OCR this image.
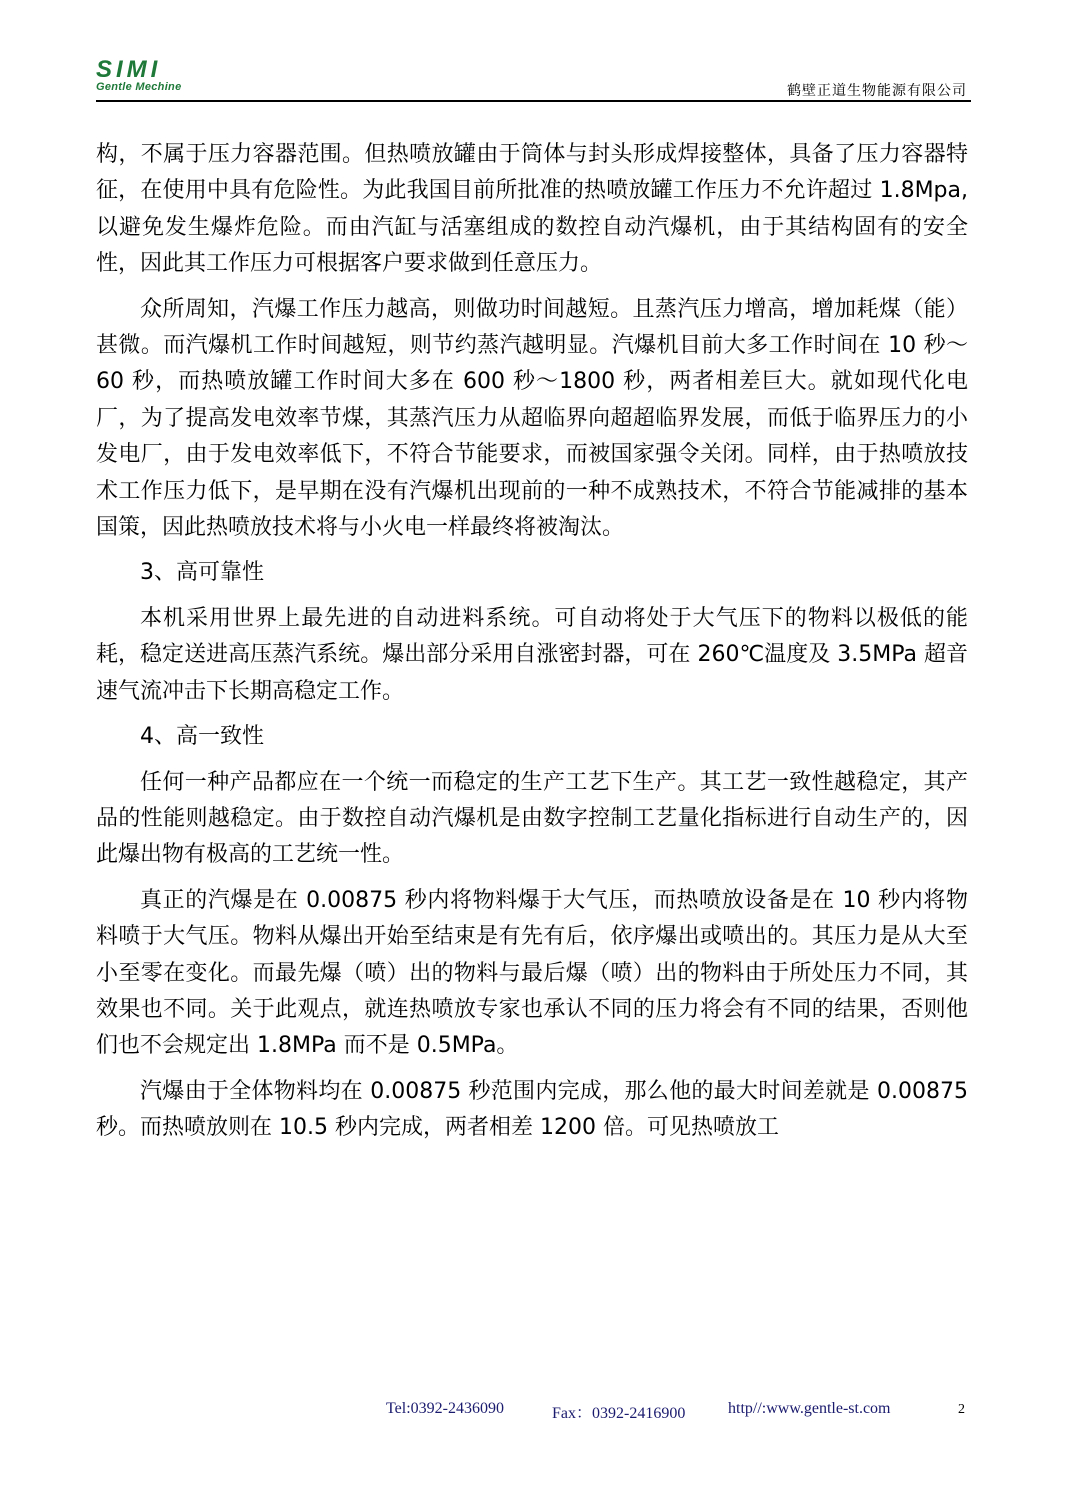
SIMI
Gentle Mechine	鹤壁正道生物能源有限公司

构，不属于压力容器范围。但热喷放罐由于筒体与封头形成焊接整体，具备了压力容器特征，在使用中具有危险性。为此我国目前所批准的热喷放罐工作压力不允许超过 1.8Mpa,以避免发生爆炸危险。而由汽缸与活塞组成的数控自动汽爆机，由于其结构固有的安全性，因此其工作压力可根据客户要求做到任意压力。

众所周知，汽爆工作压力越高，则做功时间越短。且蒸汽压力增高，增加耗煤（能）甚微。而汽爆机工作时间越短，则节约蒸汽越明显。汽爆机目前大多工作时间在 10 秒～60 秒，而热喷放罐工作时间大多在 600 秒～1800 秒，两者相差巨大。就如现代化电厂，为了提高发电效率节煤，其蒸汽压力从超临界向超超临界发展，而低于临界压力的小发电厂，由于发电效率低下，不符合节能要求，而被国家强令关闭。同样，由于热喷放技术工作压力低下，是早期在没有汽爆机出现前的一种不成熟技术，不符合节能减排的基本国策，因此热喷放技术将与小火电一样最终将被淘汰。

3、高可靠性

本机采用世界上最先进的自动进料系统。可自动将处于大气压下的物料以极低的能耗，稳定送进高压蒸汽系统。爆出部分采用自涨密封器，可在 260℃温度及 3.5MPa 超音速气流冲击下长期高稳定工作。

4、高一致性

任何一种产品都应在一个统一而稳定的生产工艺下生产。其工艺一致性越稳定，其产品的性能则越稳定。由于数控自动汽爆机是由数字控制工艺量化指标进行自动生产的，因此爆出物有极高的工艺统一性。

真正的汽爆是在 0.00875 秒内将物料爆于大气压，而热喷放设备是在 10 秒内将物料喷于大气压。物料从爆出开始至结束是有先有后，依序爆出或喷出的。其压力是从大至小至零在变化。而最先爆（喷）出的物料与最后爆（喷）出的物料由于所处压力不同，其效果也不同。关于此观点，就连热喷放专家也承认不同的压力将会有不同的结果，否则他们也不会规定出 1.8MPa 而不是 0.5MPa。

汽爆由于全体物料均在 0.00875 秒范围内完成，那么他的最大时间差就是 0.00875 秒。而热喷放则在 10.5 秒内完成，两者相差 1200 倍。可见热喷放工

Tel:0392-2436090	Fax：0392-2416900	http//:www.gentle-st.com	2
